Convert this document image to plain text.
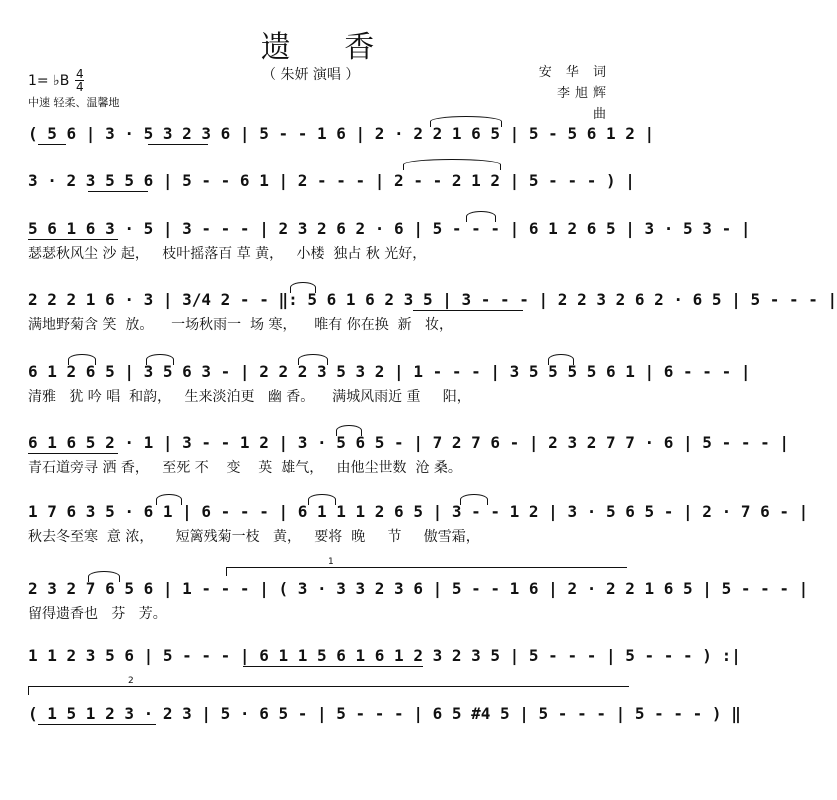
遗 香
（ 朱妍 演唱 ）
1= ♭B $\frac{4}{4}$
中速 轻柔、温馨地
安 华 词
李旭辉 曲
( 5 6 | 3 · 5 3 2 3 6 | 5 - - 1 6 | 2 · 2 2 1 6 5 | 5 - 5 6 1 2 |
3 · 2 3 5 5 6 | 5 - - 6 1 | 2 - - - | 2 - - 2 1 2 | 5 - - - ) |
5 6 1 6 3 · 5 | 3 - - - | 2 3 2 6 2 · 6 | 5 - - - | 6 1 2 6 5 | 3 · 5 3 - |
瑟瑟秋风尘 沙 起，   枝叶摇落百 草 黄，   小楼  独占 秋 光好，
2 2 2 1 6 · 3 | 3/4 2 - - ‖: 5 6 1 6 2 3 5 | 3 - - - | 2 2 3 2 6 2 · 6 5 | 5 - - - |
满地野菊含 笑  放。    一场秋雨一  场 寒，    唯有 你在换  新   妆，
6 1 2 6 5 | 3 5 6 3 - | 2 2 2 3 5 3 2 | 1 - - - | 3 5 5 5 5 6 1 | 6 - - - |
清雅   犹 吟 唱  和韵，   生来淡泊更   幽 香。    满城风雨近 重     阳，
6 1 6 5 2 · 1 | 3 - - 1 2 | 3 · 5 6 5 - | 7 2 7 6 - | 2 3 2 7 7 · 6 | 5 - - - |
青石道旁寻 洒 香，   至死 不    变    英  雄气，   由他尘世数  沧 桑。
1 7 6 3 5 · 6 1 | 6 - - - | 6 1 1 1 2 6 5 | 3 - - 1 2 | 3 · 5 6 5 - | 2 · 7 6 - |
秋去冬至寒  意 浓，     短篱残菊一枝   黄，   要将  晚     节     傲雪霜，
2 3 2 7 6 5 6 | 1 - - - | ( 3 · 3 3 2 3 6 | 5 - - 1 6 | 2 · 2 2 1 6 5 | 5 - - - |
留得遗香也   芬   芳。
1
1 1 2 3 5 6 | 5 - - - | 6 1 1 5 6 1 6 1 2 3 2 3 5 | 5 - - - | 5 - - - ) :|
( 1 5 1 2 3 · 2 3 | 5 · 6 5 - | 5 - - - | 6 5 #4 5 | 5 - - - | 5 - - - ) ‖
2
